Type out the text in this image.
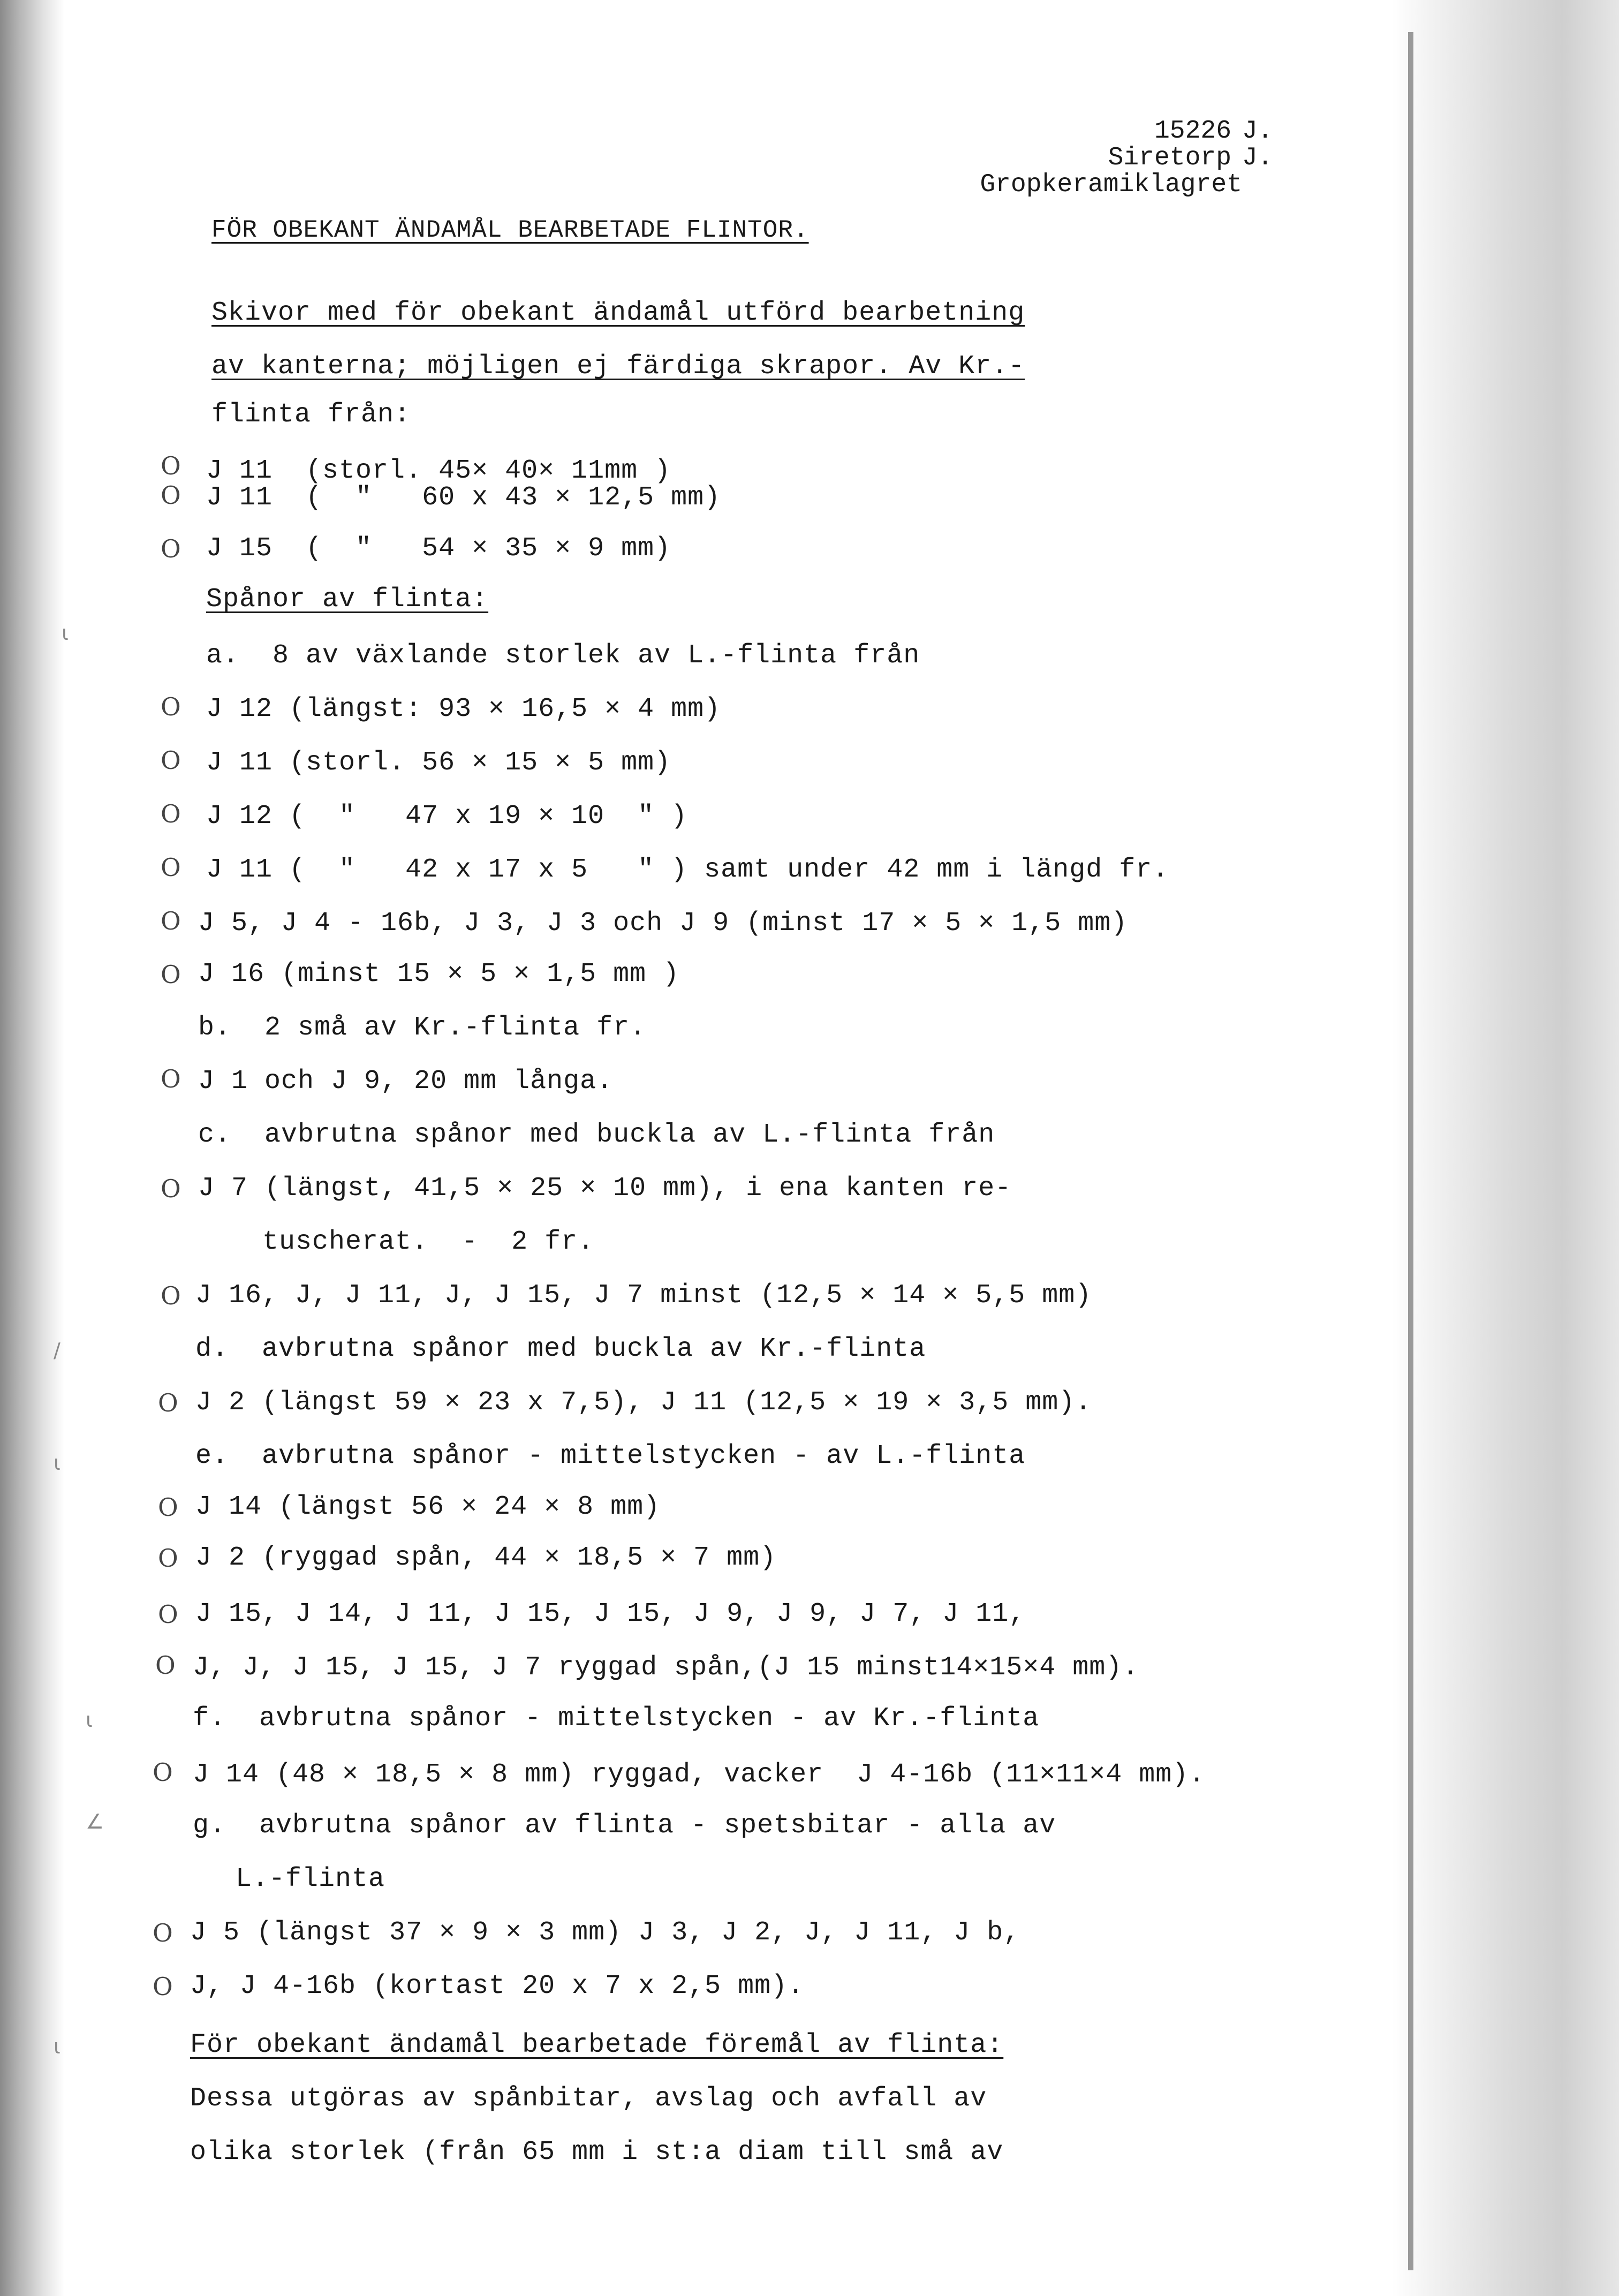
15226 J.
Siretorp J.
Gropkeramiklagret
FÖR OBEKANT ÄNDAMÅL BEARBETADE FLINTOR.
Skivor med för obekant ändamål utförd bearbetning
av kanterna; möjligen ej färdiga skrapor. Av Kr.-
flinta från:
O J 11  (storl. 45× 40× 11mm )
O J 11  (  "   60 x 43 × 12,5 mm)
O J 15  (  "   54 × 35 × 9 mm)
Spånor av flinta:
a.  8 av växlande storlek av L.-flinta från
O J 12 (längst: 93 × 16,5 × 4 mm)
O J 11 (storl. 56 × 15 × 5 mm)
O J 12 (  "   47 x 19 × 10  " )
O J 11 (  "   42 x 17 x 5   " ) samt under 42 mm i längd fr.
O J 5, J 4 - 16b, J 3, J 3 och J 9 (minst 17 × 5 × 1,5 mm)
O J 16 (minst 15 × 5 × 1,5 mm )
b.  2 små av Kr.-flinta fr.
O J 1 och J 9, 20 mm långa.
c.  avbrutna spånor med buckla av L.-flinta från
O J 7 (längst, 41,5 × 25 × 10 mm), i ena kanten re-
tuscherat.  -  2 fr.
O J 16, J, J 11, J, J 15, J 7 minst (12,5 × 14 × 5,5 mm)
d.  avbrutna spånor med buckla av Kr.-flinta
O J 2 (längst 59 × 23 x 7,5), J 11 (12,5 × 19 × 3,5 mm).
e.  avbrutna spånor - mittelstycken - av L.-flinta
O J 14 (längst 56 × 24 × 8 mm)
O J 2 (ryggad spån, 44 × 18,5 × 7 mm)
O J 15, J 14, J 11, J 15, J 15, J 9, J 9, J 7, J 11,
O J, J, J 15, J 15, J 7 ryggad spån,(J 15 minst14×15×4 mm).
f.  avbrutna spånor - mittelstycken - av Kr.-flinta
O J 14 (48 × 18,5 × 8 mm) ryggad, vacker  J 4-16b (11×11×4 mm).
g.  avbrutna spånor av flinta - spetsbitar - alla av
L.-flinta
O J 5 (längst 37 × 9 × 3 mm) J 3, J 2, J, J 11, J b,
O J, J 4-16b (kortast 20 x 7 x 2,5 mm).
För obekant ändamål bearbetade föremål av flinta:
Dessa utgöras av spånbitar, avslag och avfall av
olika storlek (från 65 mm i st:a diam till små av
ι
∕
ι
ι
∠
ι
